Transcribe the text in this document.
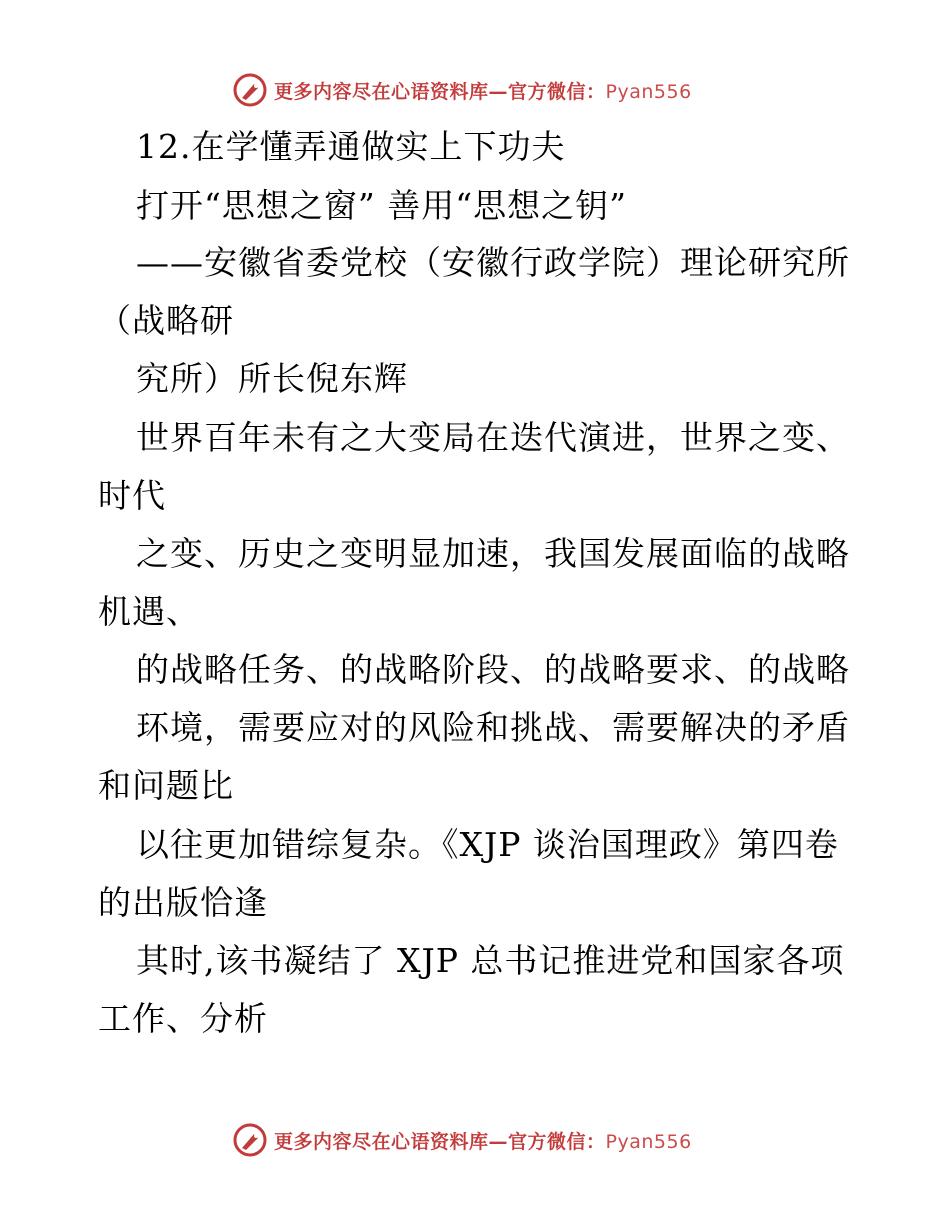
更多内容尽在心语资料库—官方微信：Pyan556
12.在学懂弄通做实上下功夫
打开“思想之窗” 善用“思想之钥”
——安徽省委党校（安徽行政学院）理论研究所
（战略研
究所）所长倪东辉
世界百年未有之大变局在迭代演进，世界之变、
时代
之变、历史之变明显加速，我国发展面临的战略
机遇、
的战略任务、的战略阶段、的战略要求、的战略
环境，需要应对的风险和挑战、需要解决的矛盾
和问题比
以往更加错综复杂。《XJP 谈治国理政》第四卷
的出版恰逢
其时,该书凝结了 XJP 总书记推进党和国家各项
工作、分析
更多内容尽在心语资料库—官方微信：Pyan556
